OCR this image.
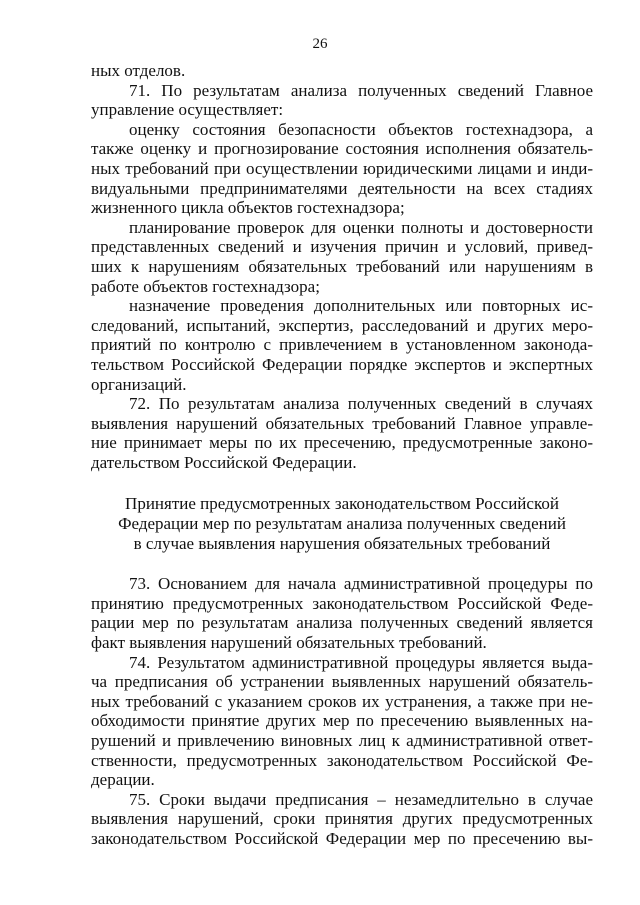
26
ных отделов.
71. По результатам анализа полученных сведений Главное
управление осуществляет:
оценку состояния безопасности объектов гостехнадзора, а
также оценку и прогнозирование состояния исполнения обязатель-
ных требований при осуществлении юридическими лицами и инди-
видуальными предпринимателями деятельности на всех стадиях
жизненного цикла объектов гостехнадзора;
планирование проверок для оценки полноты и достоверности
представленных сведений и изучения причин и условий, привед-
ших к нарушениям обязательных требований или нарушениям в
работе объектов гостехнадзора;
назначение проведения дополнительных или повторных ис-
следований, испытаний, экспертиз, расследований и других меро-
приятий по контролю с привлечением в установленном законода-
тельством Российской Федерации порядке экспертов и экспертных
организаций.
72. По результатам анализа полученных сведений в случаях
выявления нарушений обязательных требований Главное управле-
ние принимает меры по их пресечению, предусмотренные законо-
дательством Российской Федерации.
Принятие предусмотренных законодательством Российской
Федерации мер по результатам анализа полученных сведений
в случае выявления нарушения обязательных требований
73. Основанием для начала административной процедуры по
принятию предусмотренных законодательством Российской Феде-
рации мер по результатам анализа полученных сведений является
факт выявления нарушений обязательных требований.
74. Результатом административной процедуры является выда-
ча предписания об устранении выявленных нарушений обязатель-
ных требований с указанием сроков их устранения, а также при не-
обходимости принятие других мер по пресечению выявленных на-
рушений и привлечению виновных лиц к административной ответ-
ственности, предусмотренных законодательством Российской Фе-
дерации.
75. Сроки выдачи предписания – незамедлительно в случае
выявления нарушений, сроки принятия других предусмотренных
законодательством Российской Федерации мер по пресечению вы-
